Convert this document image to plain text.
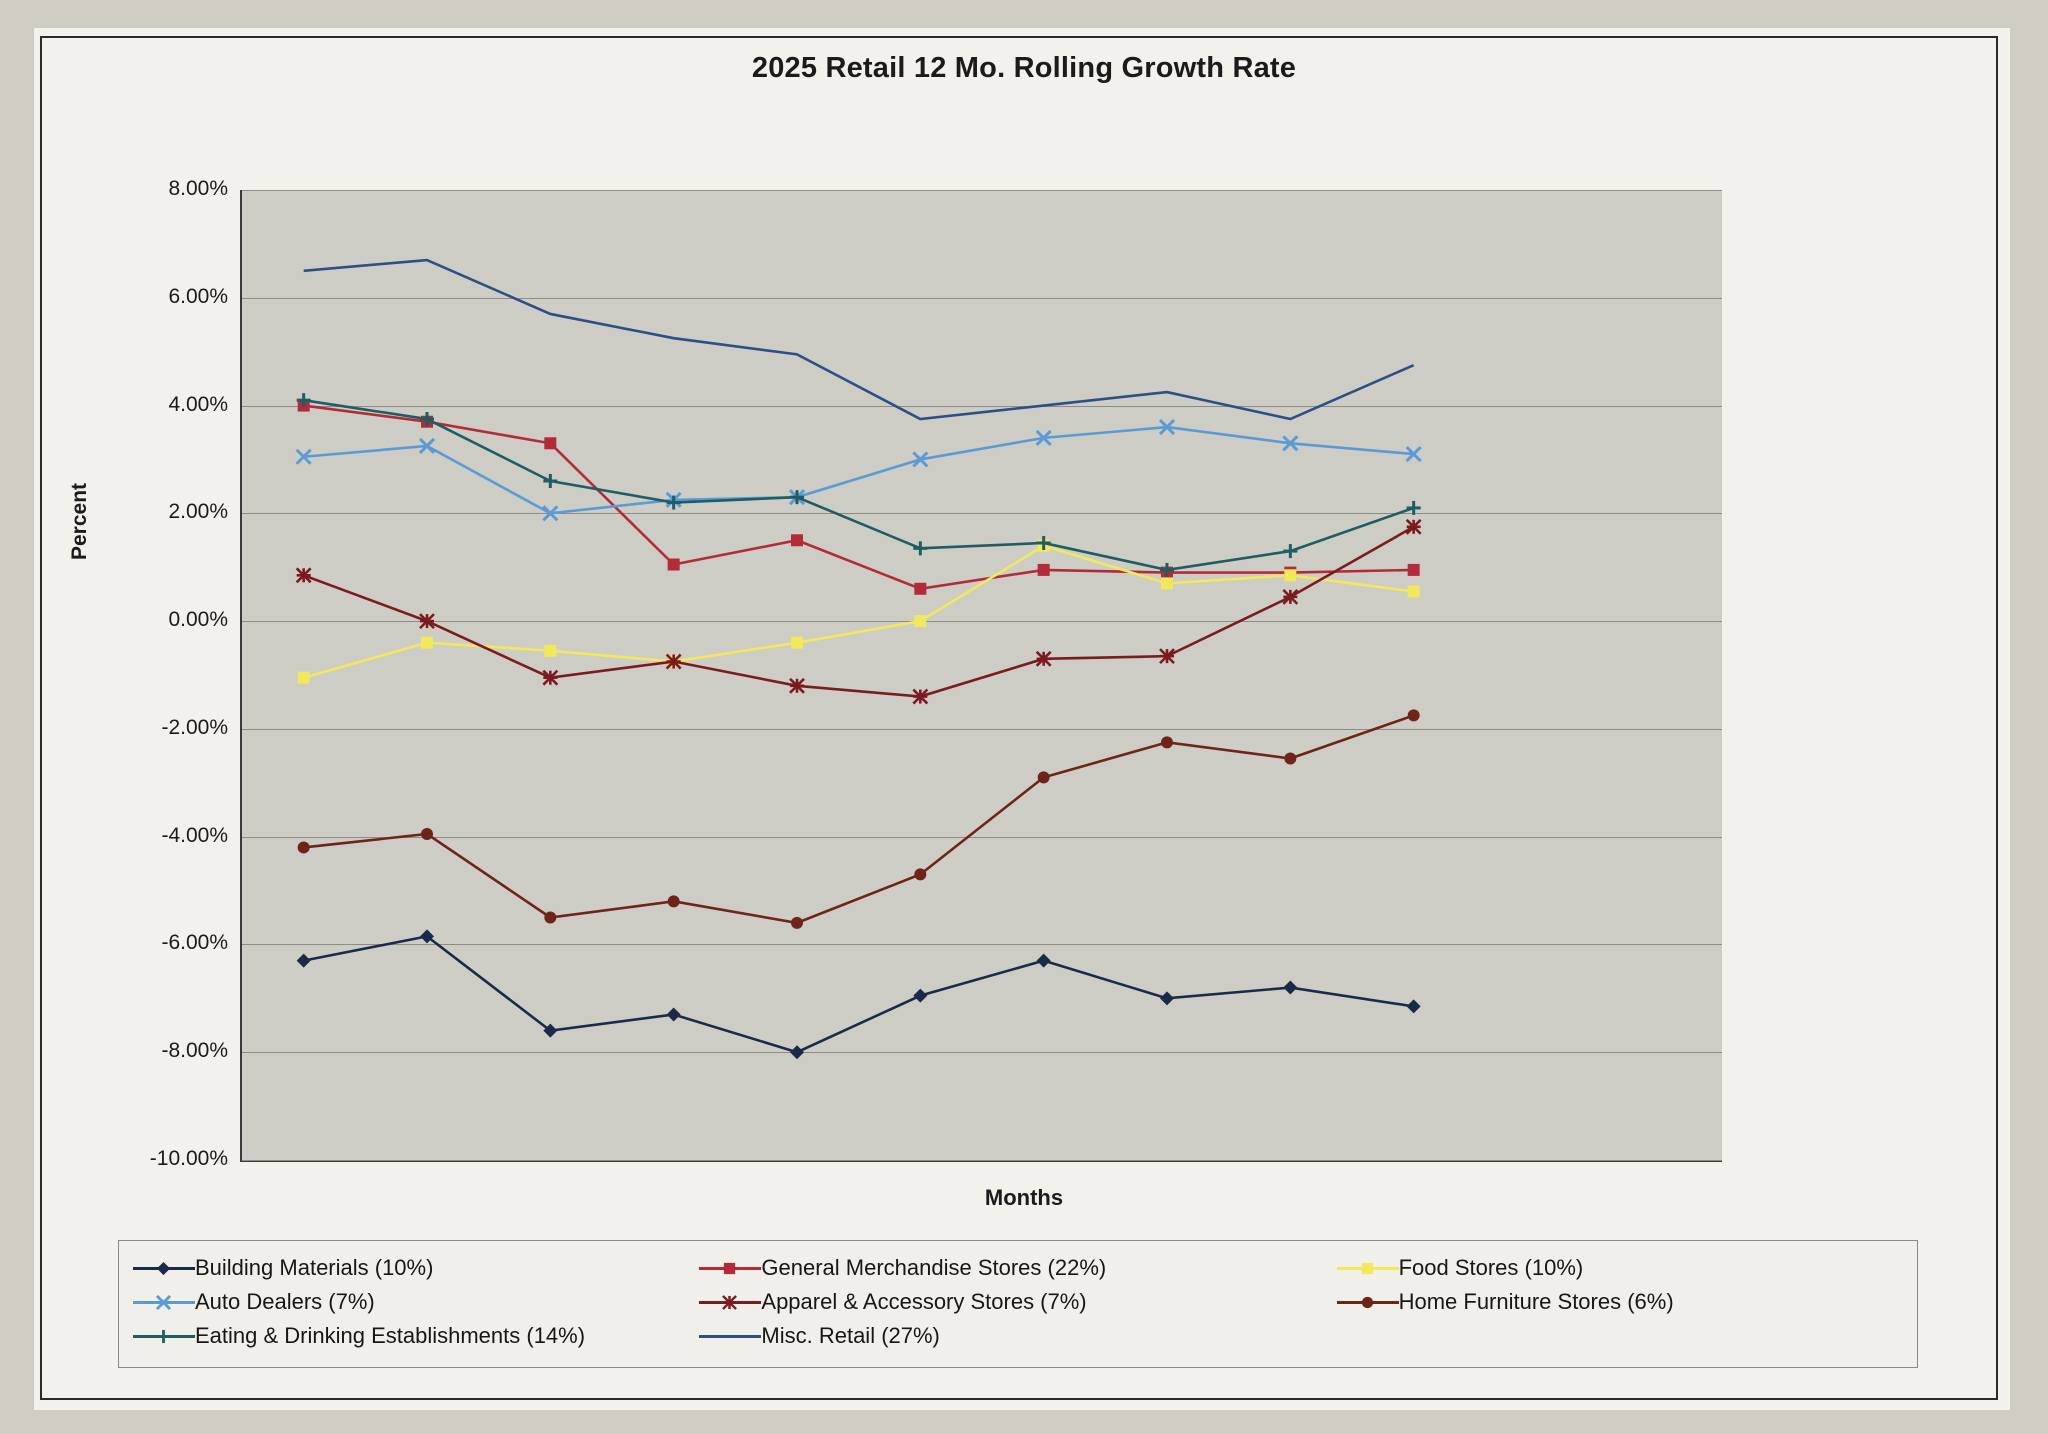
2025 Retail 12 Mo. Rolling Growth Rate
Percent
Months
8.00%
6.00%
4.00%
2.00%
0.00%
-2.00%
-4.00%
-6.00%
-8.00%
-10.00%
Building Materials (10%)	General Merchandise Stores (22%)	Food Stores (10%)
Auto Dealers (7%)	Apparel & Accessory Stores (7%)	Home Furniture Stores (6%)
Eating & Drinking Establishments (14%)	Misc. Retail (27%)
